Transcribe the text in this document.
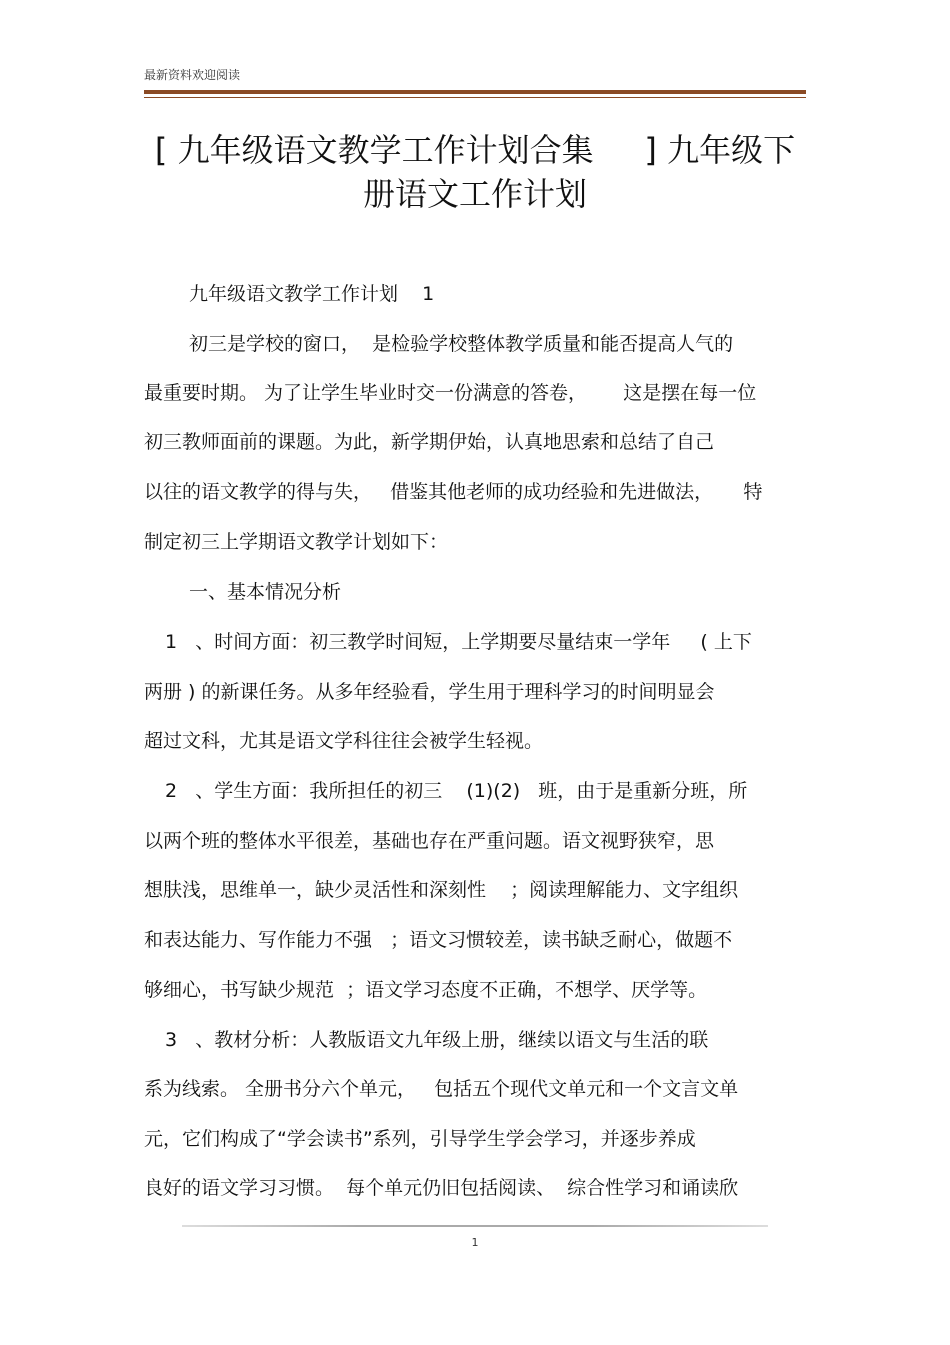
最新资料欢迎阅读
[ 九年级语文教学工作计划合集     ] 九年级下
册语文工作计划
九年级语文教学工作计划    1
初三是学校的窗口，  是检验学校整体教学质量和能否提高人气的
最重要时期。 为了让学生毕业时交一份满意的答卷，      这是摆在每一位
初三教师面前的课题。为此，新学期伊始，认真地思索和总结了自己
以往的语文教学的得与失，   借鉴其他老师的成功经验和先进做法，     特
制定初三上学期语文教学计划如下：
一、基本情况分析
1   、时间方面：初三教学时间短，上学期要尽量结束一学年     ( 上下
两册 ) 的新课任务。从多年经验看，学生用于理科学习的时间明显会
超过文科，尤其是语文学科往往会被学生轻视。
2   、学生方面：我所担任的初三    (1)(2)   班，由于是重新分班，所
以两个班的整体水平很差，基础也存在严重问题。语文视野狭窄，思
想肤浅，思维单一，缺少灵活性和深刻性    ；阅读理解能力、文字组织
和表达能力、写作能力不强   ；语文习惯较差，读书缺乏耐心，做题不
够细心，书写缺少规范  ；语文学习态度不正确，不想学、厌学等。
3   、教材分析：人教版语文九年级上册，继续以语文与生活的联
系为线索。 全册书分六个单元，   包括五个现代文单元和一个文言文单
元，它们构成了“学会读书”系列，引导学生学会学习，并逐步养成
良好的语文学习习惯。  每个单元仍旧包括阅读、  综合性学习和诵读欣
1
